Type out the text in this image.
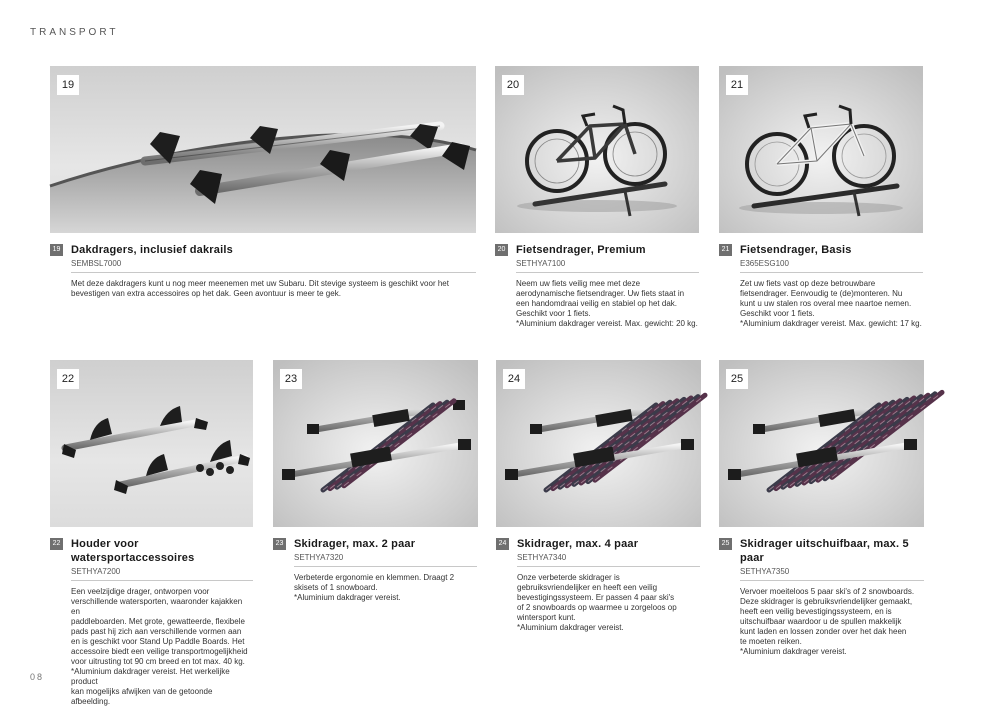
TRANSPORT
19
19 Dakdragers, inclusief dakrails
SEMBSL7000

Met deze dakdragers kunt u nog meer meenemen met uw Subaru. Dit stevige systeem is geschikt voor het

bevestigen van extra accessoires op het dak. Geen avontuur is meer te gek.

20
20 Fietsendrager, Premium
SETHYA7100

Neem uw fiets veilig mee met deze

aerodynamische fietsendrager. Uw fiets staat in

een handomdraai veilig en stabiel op het dak.

Geschikt voor 1 fiets.

*Aluminium dakdrager vereist. Max. gewicht: 20 kg.

21
21 Fietsendrager, Basis
E365ESG100

Zet uw fiets vast op deze betrouwbare

fietsendrager. Eenvoudig te (de)monteren. Nu

kunt u uw stalen ros overal mee naartoe nemen.

Geschikt voor 1 fiets.

*Aluminium dakdrager vereist. Max. gewicht: 17 kg.

22
22 Houder voor watersportaccessoires
SETHYA7200

Een veelzijdige drager, ontworpen voor

verschillende watersporten, waaronder kajakken en

paddleboarden. Met grote, gewatteerde, flexibele

pads past hij zich aan verschillende vormen aan

en is geschikt voor Stand Up Paddle Boards. Het

accessoire biedt een veilige transportmogelijkheid

voor uitrusting tot 90 cm breed en tot max. 40 kg.

*Aluminium dakdrager vereist. Het werkelijke product

kan mogelijks afwijken van de getoonde afbeelding.

23
23 Skidrager, max. 2 paar
SETHYA7320

Verbeterde ergonomie en klemmen. Draagt 2

skisets of 1 snowboard.

*Aluminium dakdrager vereist.

24
24 Skidrager, max. 4 paar
SETHYA7340

Onze verbeterde skidrager is

gebruiksvriendelijker en heeft een veilig

bevestigingssysteem. Er passen 4 paar ski's

of 2 snowboards op waarmee u zorgeloos op

wintersport kunt.

*Aluminium dakdrager vereist.

25
25 Skidrager uitschuifbaar, max. 5 paar
SETHYA7350

Vervoer moeiteloos 5 paar ski's of 2 snowboards.

Deze skidrager is gebruiksvriendelijker gemaakt,

heeft een veilig bevestigingssysteem, en is

uitschuifbaar waardoor u de spullen makkelijk

kunt laden en lossen zonder over het dak heen

te moeten reiken.

*Aluminium dakdrager vereist.

08
